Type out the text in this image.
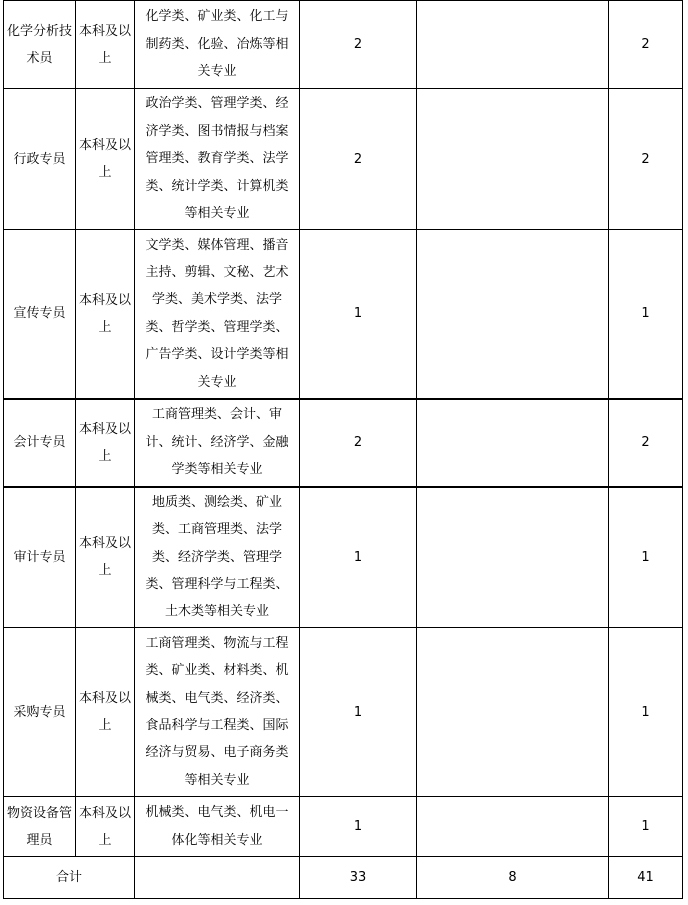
化学分析技术员	本科及以上	化学类、矿业类、化工与制药类、化验、冶炼等相关专业	2		2
行政专员	本科及以上	政治学类、管理学类、经济学类、图书情报与档案管理类、教育学类、法学类、统计学类、计算机类等相关专业	2		2
宣传专员	本科及以上	文学类、媒体管理、播音主持、剪辑、文秘、艺术学类、美术学类、法学类、哲学类、管理学类、广告学类、设计学类等相关专业	1		1
会计专员	本科及以上	工商管理类、会计、审计、统计、经济学、金融学类等相关专业	2		2
审计专员	本科及以上	地质类、测绘类、矿业类、工商管理类、法学类、经济学类、管理学类、管理科学与工程类、土木类等相关专业	1		1
采购专员	本科及以上	工商管理类、物流与工程类、矿业类、材料类、机械类、电气类、经济类、食品科学与工程类、国际经济与贸易、电子商务类等相关专业	1		1
物资设备管理员	本科及以上	机械类、电气类、机电一体化等相关专业	1		1
合计			33	8	41
